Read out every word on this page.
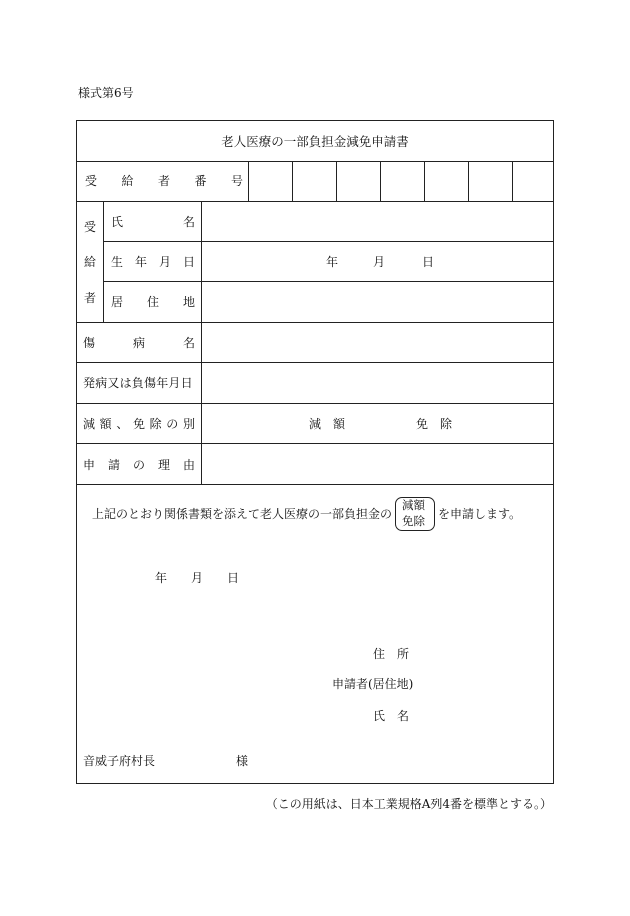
様式第6号
老人医療の一部負担金減免申請書
受 給 者 番 号
受
給
者
氏	名
生 年 月 日	年	月	日
居 住 地
傷	病	名
発病又は負傷年月日
減 額 、 免 除 の 別	減　額	免　除
申 請 の 理 由
上記のとおり関係書類を添えて老人医療の一部負担金の
減額
免除 を申請します。
年 月 日
住　所
申請者(居住地)
氏　名
音威子府村長	様
（この用紙は、日本工業規格A列4番を標準とする。）
